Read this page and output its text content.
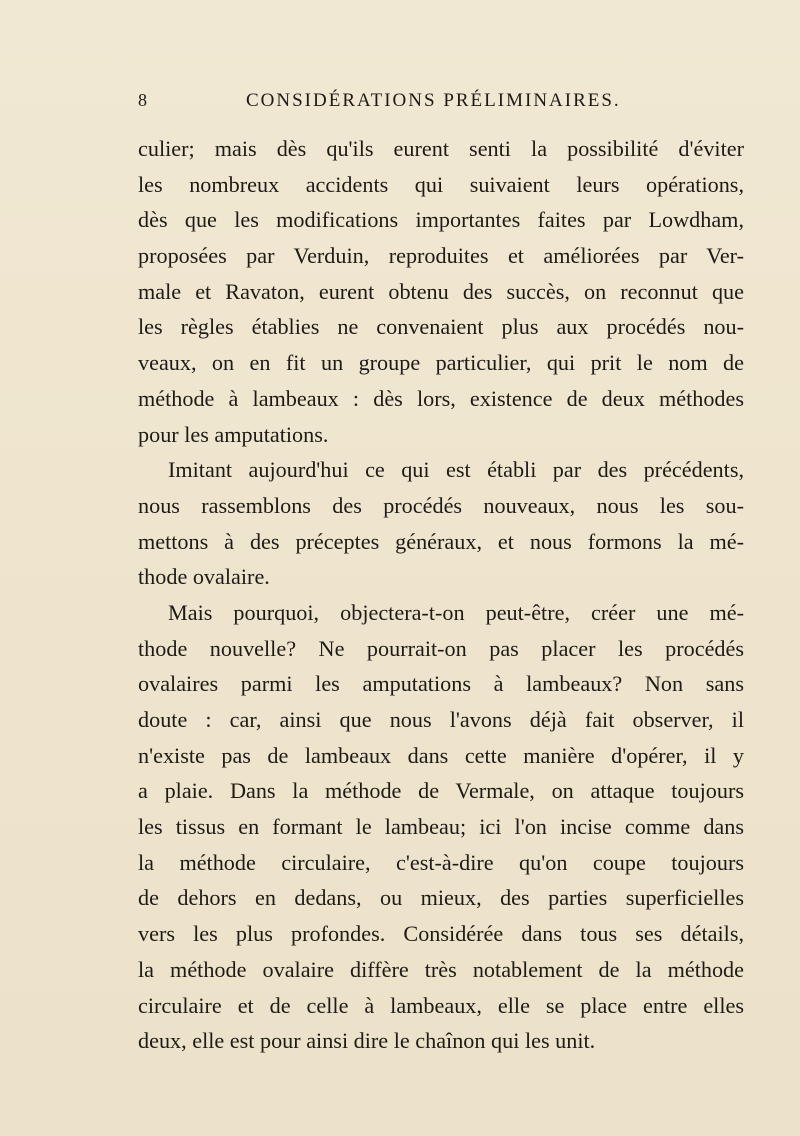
8	CONSIDÉRATIONS PRÉLIMINAIRES.
culier; mais dès qu'ils eurent senti la possibilité d'éviter
les nombreux accidents qui suivaient leurs opérations,
dès que les modifications importantes faites par Lowdham,
proposées par Verduin, reproduites et améliorées par Ver-
male et Ravaton, eurent obtenu des succès, on reconnut que
les règles établies ne convenaient plus aux procédés nou-
veaux, on en fit un groupe particulier, qui prit le nom de
méthode à lambeaux : dès lors, existence de deux méthodes
pour les amputations.
Imitant aujourd'hui ce qui est établi par des précédents,
nous rassemblons des procédés nouveaux, nous les sou-
mettons à des préceptes généraux, et nous formons la mé-
thode ovalaire.
Mais pourquoi, objectera-t-on peut-être, créer une mé-
thode nouvelle? Ne pourrait-on pas placer les procédés
ovalaires parmi les amputations à lambeaux? Non sans
doute : car, ainsi que nous l'avons déjà fait observer, il
n'existe pas de lambeaux dans cette manière d'opérer, il y
a plaie. Dans la méthode de Vermale, on attaque toujours
les tissus en formant le lambeau; ici l'on incise comme dans
la méthode circulaire, c'est-à-dire qu'on coupe toujours
de dehors en dedans, ou mieux, des parties superficielles
vers les plus profondes. Considérée dans tous ses détails,
la méthode ovalaire diffère très notablement de la méthode
circulaire et de celle à lambeaux, elle se place entre elles
deux, elle est pour ainsi dire le chaînon qui les unit.
